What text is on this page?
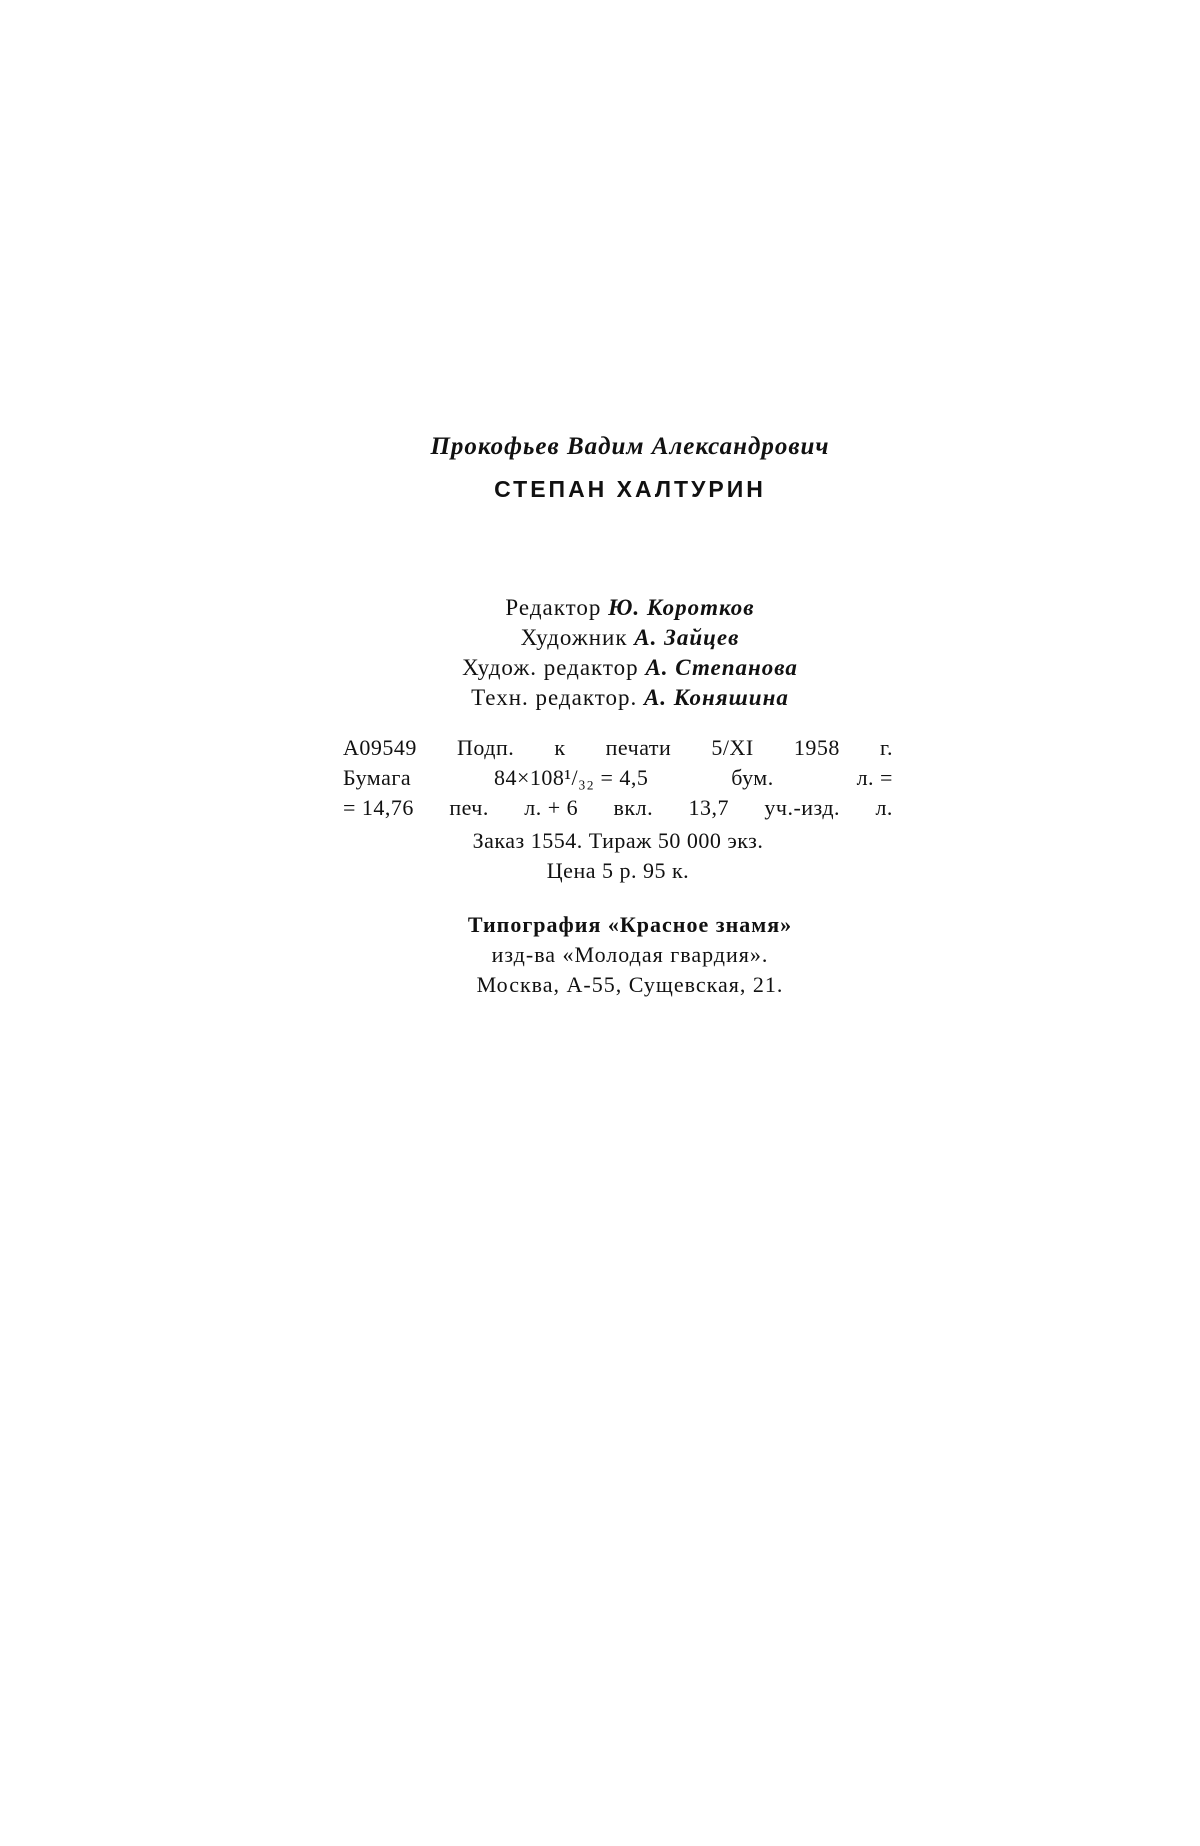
Прокофьев Вадим Александрович
СТЕПАН ХАЛТУРИН
Редактор Ю. Коротков
Художник А. Зайцев
Худож. редактор А. Степанова
Техн. редактор. А. Коняшина
А09549 Подп. к печати 5/XI 1958 г.
Бумага	84×108¹/₃₂ = 4,5	бум.	л. =
= 14,76 печ. л. + 6 вкл. 13,7 уч.-изд. л.
Заказ 1554. Тираж 50 000 экз.
Цена 5 р. 95 к.
Типография «Красное знамя»
изд-ва «Молодая гвардия».
Москва, А-55, Сущевская, 21.
